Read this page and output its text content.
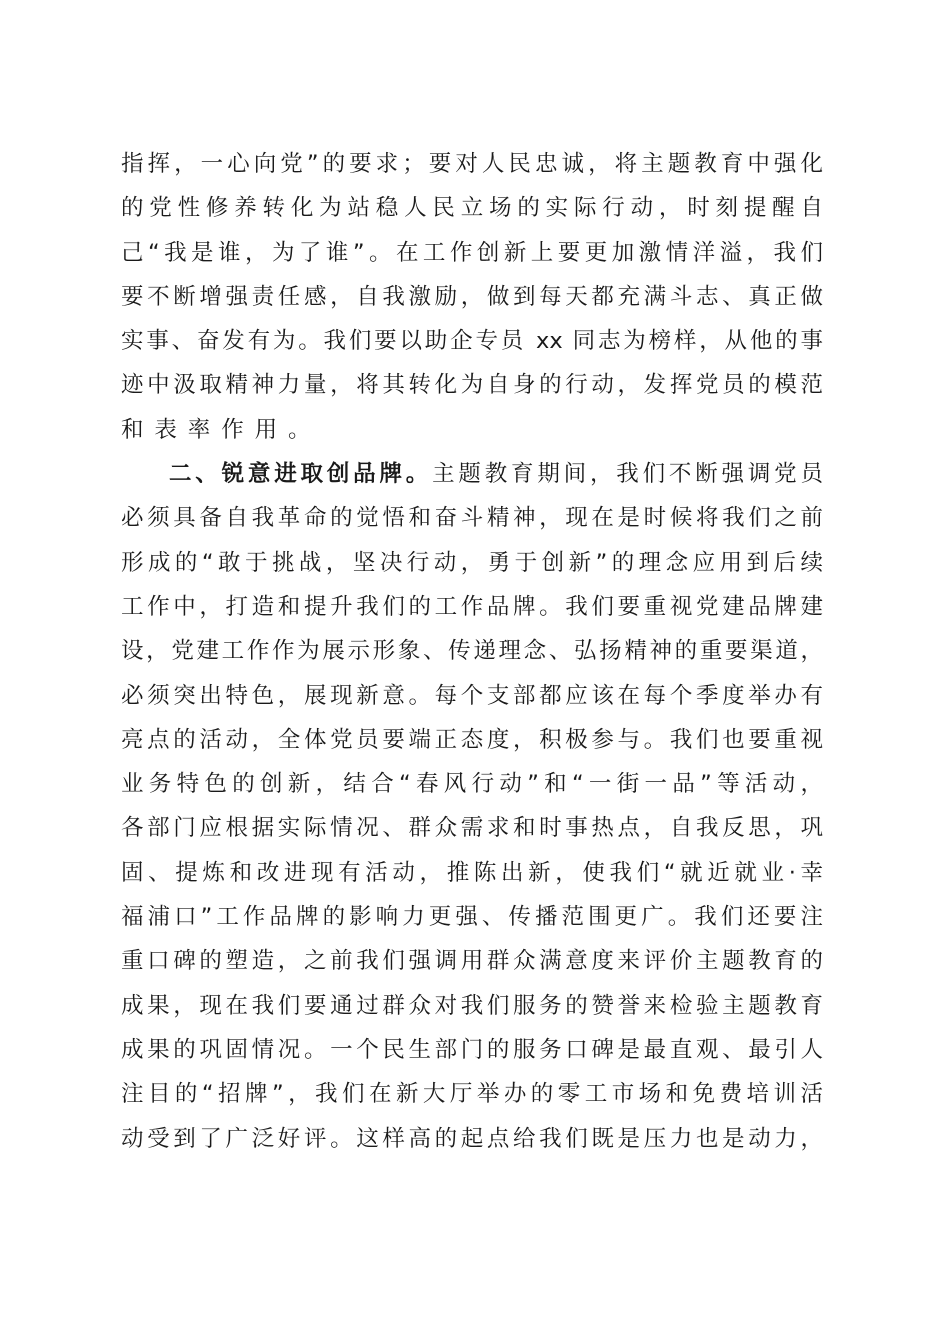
指挥，一心向党”的要求；要对人民忠诚，将主题教育中强化
的党性修养转化为站稳人民立场的实际行动，时刻提醒自
己“我是谁，为了谁”。在工作创新上要更加激情洋溢，我们
要不断增强责任感，自我激励，做到每天都充满斗志、真正做
实事、奋发有为。我们要以助企专员 xx 同志为榜样，从他的事
迹中汲取精神力量，将其转化为自身的行动，发挥党员的模范
和表率作用。
二、锐意进取创品牌。主题教育期间，我们不断强调党员
必须具备自我革命的觉悟和奋斗精神，现在是时候将我们之前
形成的“敢于挑战，坚决行动，勇于创新”的理念应用到后续
工作中，打造和提升我们的工作品牌。我们要重视党建品牌建
设，党建工作作为展示形象、传递理念、弘扬精神的重要渠道，
必须突出特色，展现新意。每个支部都应该在每个季度举办有
亮点的活动，全体党员要端正态度，积极参与。我们也要重视
业务特色的创新，结合“春风行动”和“一街一品”等活动，
各部门应根据实际情况、群众需求和时事热点，自我反思，巩
固、提炼和改进现有活动，推陈出新，使我们“就近就业·幸
福浦口”工作品牌的影响力更强、传播范围更广。我们还要注
重口碑的塑造，之前我们强调用群众满意度来评价主题教育的
成果，现在我们要通过群众对我们服务的赞誉来检验主题教育
成果的巩固情况。一个民生部门的服务口碑是最直观、最引人
注目的“招牌”，我们在新大厅举办的零工市场和免费培训活
动受到了广泛好评。这样高的起点给我们既是压力也是动力，
